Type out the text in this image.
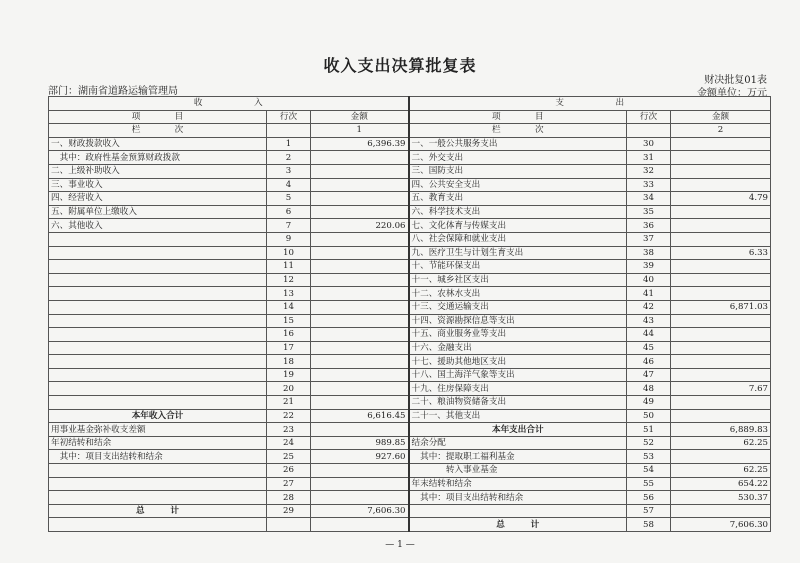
收入支出决算批复表
部门：湖南省道路运输管理局
财决批复01表
金额单位：万元
收　　　　　　入			支　　　　　　出		
项　　　　目	行次	金额	项　　　　目	行次	金额
栏　　　　次		1	栏　　　　次		2
一、财政拨款收入	1	6,396.39	一、一般公共服务支出	30	
　其中：政府性基金预算财政拨款	2		二、外交支出	31	
二、上级补助收入	3		三、国防支出	32	
三、事业收入	4		四、公共安全支出	33	
四、经营收入	5		五、教育支出	34	4.79
五、附属单位上缴收入	6		六、科学技术支出	35	
六、其他收入	7	220.06	七、文化体育与传媒支出	36	
	9		八、社会保障和就业支出	37	
	10		九、医疗卫生与计划生育支出	38	6.33
	11		十、节能环保支出	39	
	12		十一、城乡社区支出	40	
	13		十二、农林水支出	41	
	14		十三、交通运输支出	42	6,871.03
	15		十四、资源勘探信息等支出	43	
	16		十五、商业服务业等支出	44	
	17		十六、金融支出	45	
	18		十七、援助其他地区支出	46	
	19		十八、国土海洋气象等支出	47	
	20		十九、住房保障支出	48	7.67
	21		二十、粮油物资储备支出	49	
本年收入合计	22	6,616.45	二十一、其他支出	50	
用事业基金弥补收支差额	23		本年支出合计	51	6,889.83
年初结转和结余	24	989.85	结余分配	52	62.25
　其中：项目支出结转和结余	25	927.60	　其中：提取职工福利基金	53	
	26		　　　　转入事业基金	54	62.25
	27		年末结转和结余	55	654.22
	28		　其中：项目支出结转和结余	56	530.37
总　　　计	29	7,606.30		57	
			总　　　计	58	7,606.30
— 1 —
